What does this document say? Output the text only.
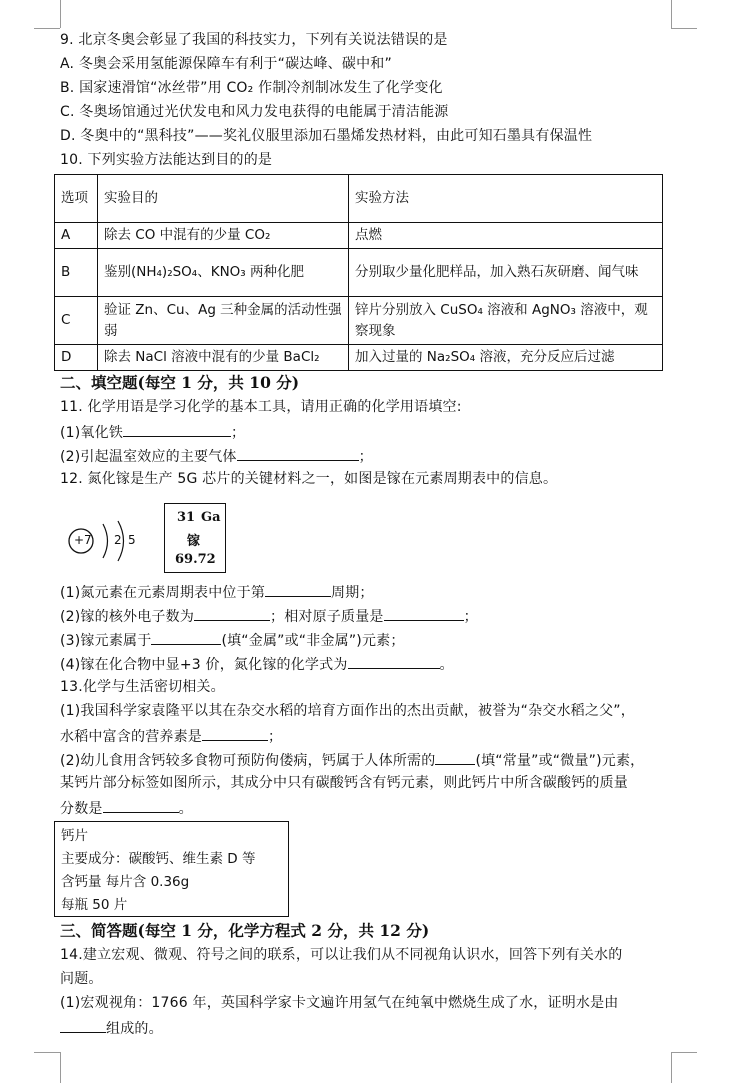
9. 北京冬奥会彰显了我国的科技实力，下列有关说法错误的是
A. 冬奥会采用氢能源保障车有利于“碳达峰、碳中和”
B. 国家速滑馆“冰丝带”用 CO₂ 作制冷剂制冰发生了化学变化
C. 冬奥场馆通过光伏发电和风力发电获得的电能属于清洁能源
D. 冬奥中的“黑科技”——奖礼仪服里添加石墨烯发热材料，由此可知石墨具有保温性
10. 下列实验方法能达到目的的是
选项	实验目的	实验方法
A	除去 CO 中混有的少量 CO₂	点燃
B	鉴别(NH₄)₂SO₄、KNO₃ 两种化肥	分别取少量化肥样品，加入熟石灰研磨、闻气味
C	验证 Zn、Cu、Ag 三种金属的活动性强弱	锌片分别放入 CuSO₄ 溶液和 AgNO₃ 溶液中，观察现象
D	除去 NaCl 溶液中混有的少量 BaCl₂	加入过量的 Na₂SO₄ 溶液，充分反应后过滤
二、填空题(每空 1 分，共 10 分)
11. 化学用语是学习化学的基本工具，请用正确的化学用语填空:
(1)氧化铁	；
(2)引起温室效应的主要气体	；
12. 氮化镓是生产 5G 芯片的关键材料之一，如图是镓在元素周期表中的信息。
+7 2 5
31 Ga
镓
69.72
(1)氮元素在元素周期表中位于第	周期；
(2)镓的核外电子数为	；相对原子质量是	；
(3)镓元素属于	(填“金属”或“非金属”)元素；
(4)镓在化合物中显+3 价，氮化镓的化学式为	。
13.化学与生活密切相关。
(1)我国科学家袁隆平以其在杂交水稻的培育方面作出的杰出贡献，被誉为“杂交水稻之父”，
水稻中富含的营养素是	；
(2)幼儿食用含钙较多食物可预防佝偻病，钙属于人体所需的	(填“常量”或“微量”)元素，
某钙片部分标签如图所示，其成分中只有碳酸钙含有钙元素，则此钙片中所含碳酸钙的质量
分数是	。
钙片
主要成分：碳酸钙、维生素 D 等
含钙量 每片含 0.36g
每瓶 50 片
三、简答题(每空 1 分，化学方程式 2 分，共 12 分)
14.建立宏观、微观、符号之间的联系，可以让我们从不同视角认识水，回答下列有关水的
问题。
(1)宏观视角：1766 年，英国科学家卡文遍许用氢气在纯氧中燃烧生成了水，证明水是由
组成的。
